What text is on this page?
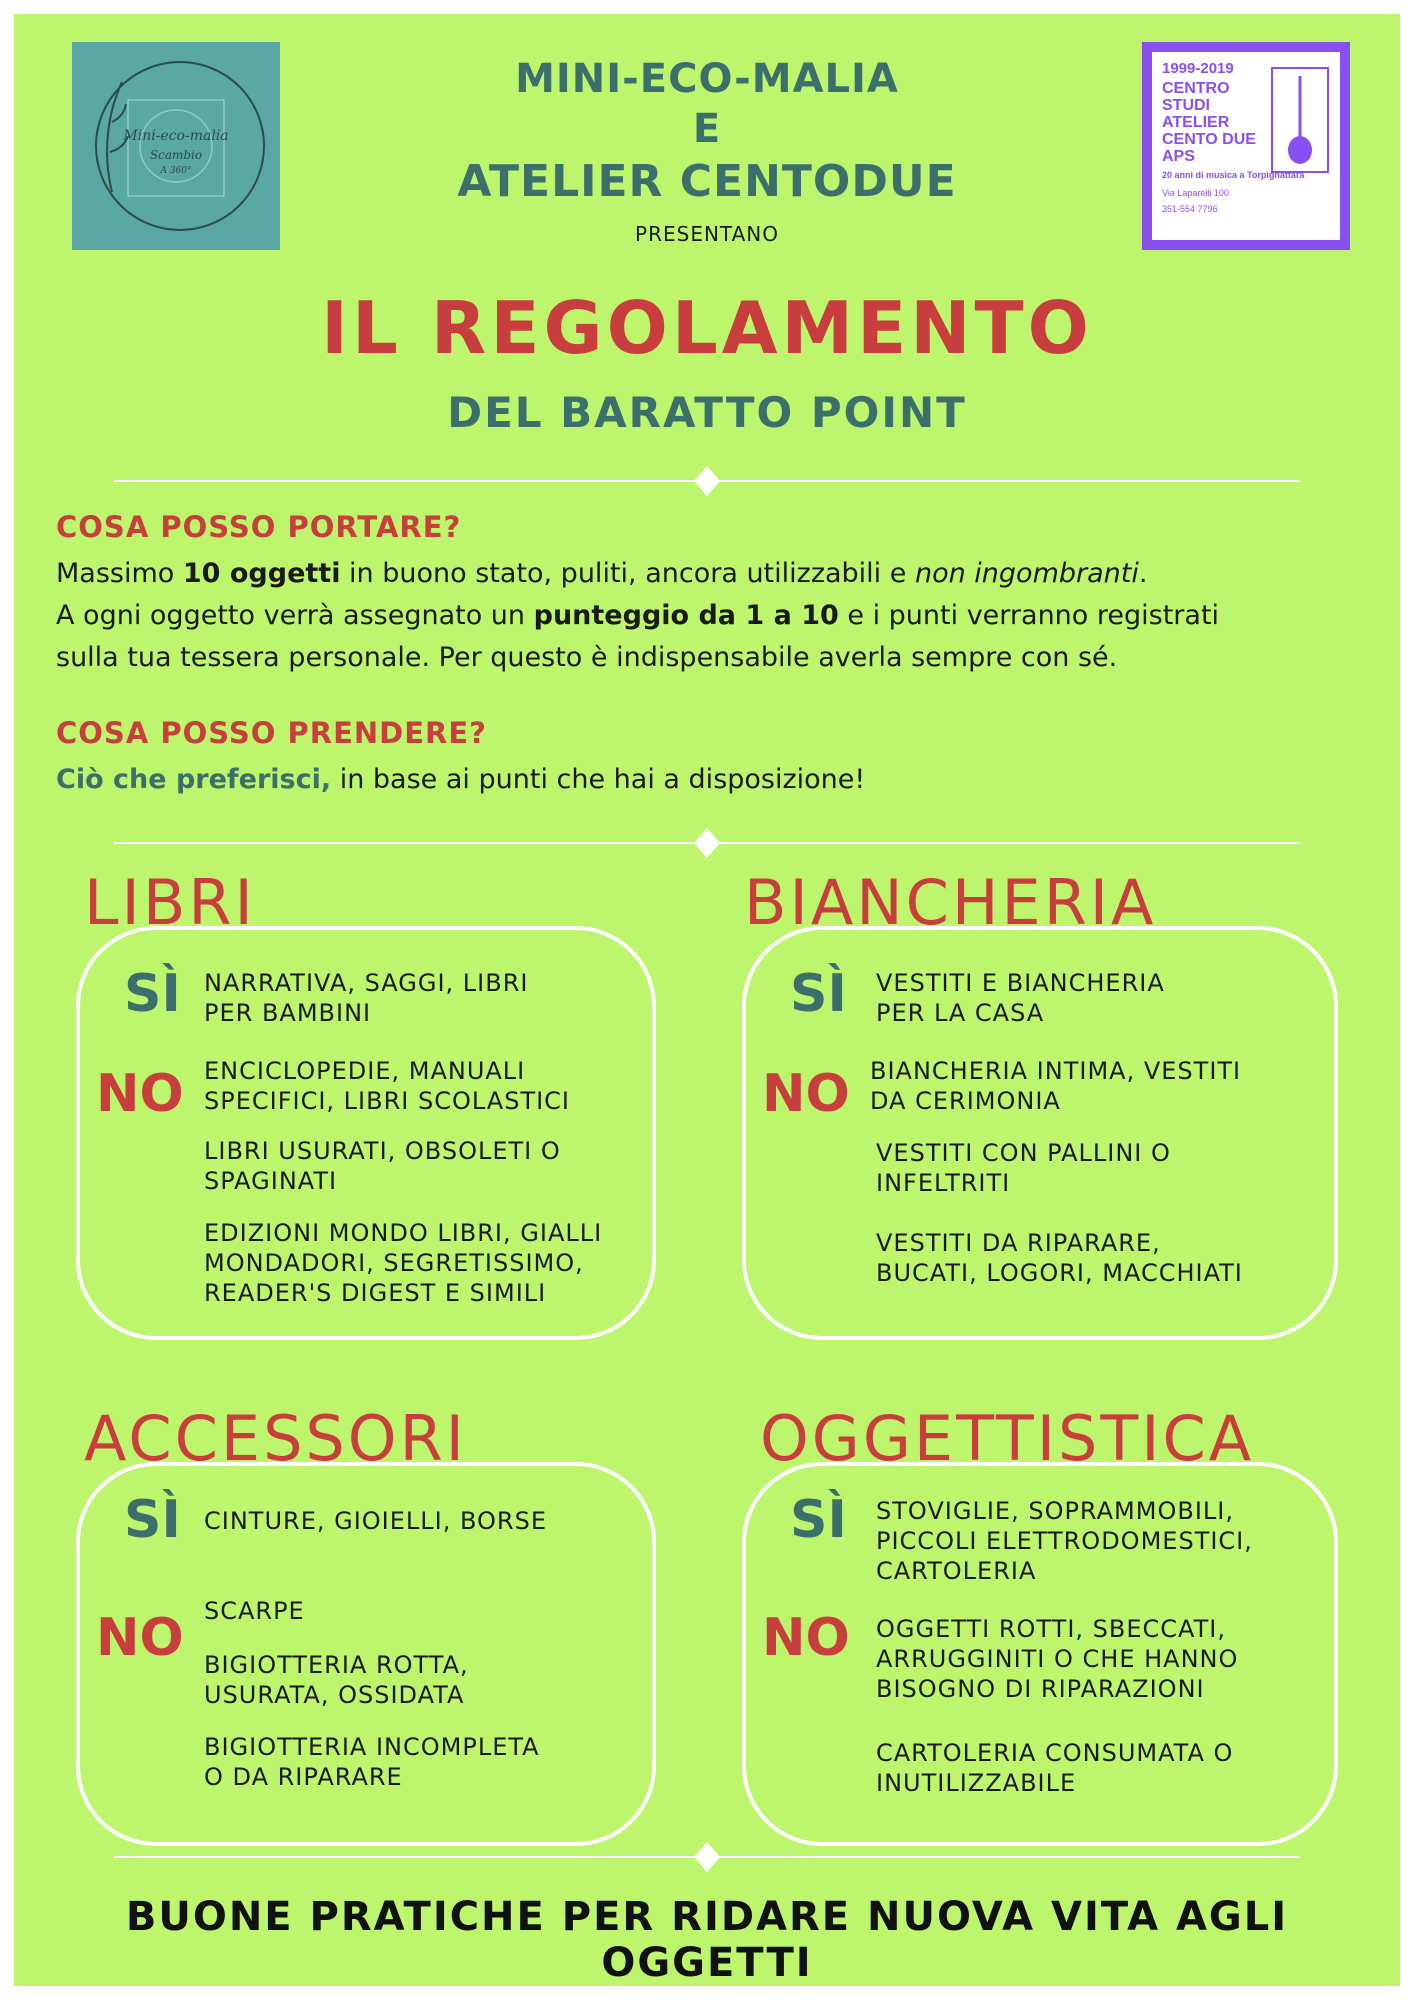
Mini-eco-malia
Scambio
A 360°
1999-2019
CENTRO STUDI ATELIER CENTO DUE APS
20 anni di musica a Torpignattara
Via Laparelli 100
351-554 7796
MINI-ECO-MALIA
E
ATELIER CENTODUE
PRESENTANO
IL REGOLAMENTO
DEL BARATTO POINT
COSA POSSO PORTARE?
Massimo 10 oggetti in buono stato, puliti, ancora utilizzabili e non ingombranti.
A ogni oggetto verrà assegnato un punteggio da 1 a 10 e i punti verranno registrati
sulla tua tessera personale. Per questo è indispensabile averla sempre con sé.
COSA POSSO PRENDERE?
Ciò che preferisci, in base ai punti che hai a disposizione!
LIBRI
SÌ NARRATIVA, SAGGI, LIBRI
PER BAMBINI
NO ENCICLOPEDIE, MANUALI
SPECIFICI, LIBRI SCOLASTICI
LIBRI USURATI, OBSOLETI O
SPAGINATI
EDIZIONI MONDO LIBRI, GIALLI
MONDADORI, SEGRETISSIMO,
READER'S DIGEST E SIMILI
BIANCHERIA
SÌ VESTITI E BIANCHERIA
PER LA CASA
NO BIANCHERIA INTIMA, VESTITI
DA CERIMONIA
VESTITI CON PALLINI O
INFELTRITI
VESTITI DA RIPARARE,
BUCATI, LOGORI, MACCHIATI
ACCESSORI
SÌ CINTURE, GIOIELLI, BORSE
NO SCARPE
BIGIOTTERIA ROTTA,
USURATA, OSSIDATA
BIGIOTTERIA INCOMPLETA
O DA RIPARARE
OGGETTISTICA
SÌ STOVIGLIE, SOPRAMMOBILI,
PICCOLI ELETTRODOMESTICI,
CARTOLERIA
NO OGGETTI ROTTI, SBECCATI,
ARRUGGINITI O CHE HANNO
BISOGNO DI RIPARAZIONI
CARTOLERIA CONSUMATA O
INUTILIZZABILE
BUONE PRATICHE PER RIDARE NUOVA VITA AGLI OGGETTI
